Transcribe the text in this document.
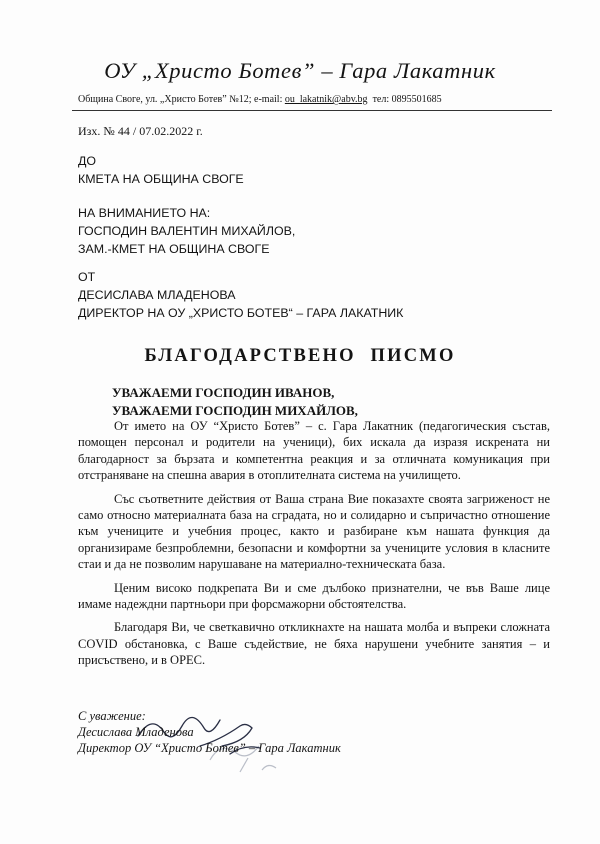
ОУ „Христо Ботев” – Гара Лакатник
Община Своге, ул. „Христо Ботев” №12; e-mail: ou_lakatnik@abv.bg тел: 0895501685
Изх. № 44 / 07.02.2022 г.
ДО
КМЕТА НА ОБЩИНА СВОГЕ
НА ВНИМАНИЕТО НА:
ГОСПОДИН ВАЛЕНТИН МИХАЙЛОВ,
ЗАМ.-КМЕТ НА ОБЩИНА СВОГЕ
ОТ
ДЕСИСЛАВА МЛАДЕНОВА
ДИРЕКТОР НА ОУ „ХРИСТО БОТЕВ“ – ГАРА ЛАКАТНИК
БЛАГОДАРСТВЕНО ПИСМО
УВАЖАЕМИ ГОСПОДИН ИВАНОВ,
УВАЖАЕМИ ГОСПОДИН МИХАЙЛОВ,

От името на ОУ “Христо Ботев” – с. Гара Лакатник (педагогическия състав, помощен персонал и родители на ученици), бих искала да изразя искрената ни благодарност за бързата и компетентна реакция и за отличната комуникация при отстраняване на спешна авария в отоплителната система на училището.

Със съответните действия от Ваша страна Вие показахте своята загриженост не само относно материалната база на сградата, но и солидарно и съпричастно отношение към учениците и учебния процес, както и разбиране към нашата функция да организираме безпроблемни, безопасни и комфортни за учениците условия в класните стаи и да не позволим нарушаване на материално-техническата база.

Ценим високо подкрепата Ви и сме дълбоко признателни, че във Ваше лице имаме надеждни партньори при форсмажорни обстоятелства.

Благодаря Ви, че светкавично откликнахте на нашата молба и въпреки сложната COVID обстановка, с Ваше съдействие, не бяха нарушени учебните занятия – и присъствено, и в ОРЕС.

С уважение:
Десислава Младенова
Директор ОУ “Христо Ботев” – Гара Лакатник
